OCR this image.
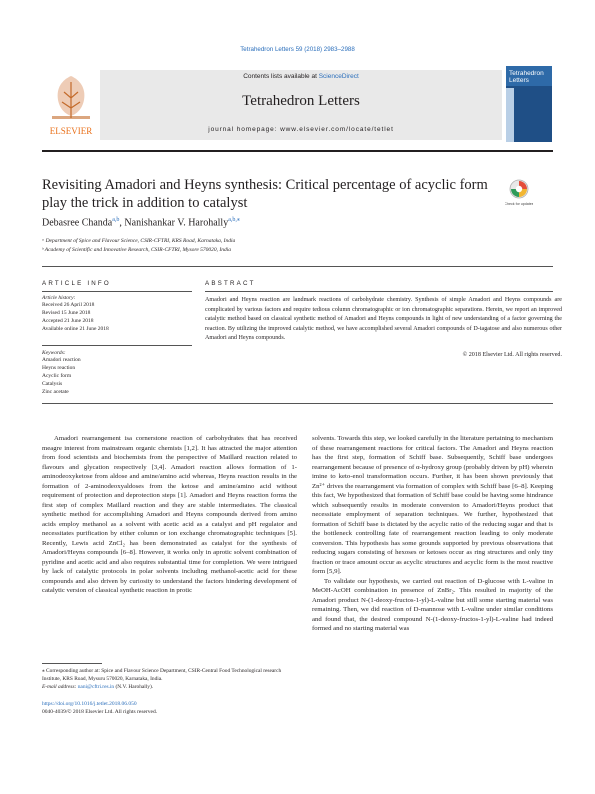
Tetrahedron Letters 59 (2018) 2983–2988
ELSEVIER
Contents lists available at ScienceDirect
Tetrahedron Letters
journal homepage: www.elsevier.com/locate/tetlet
Tetrahedron
Letters
Revisiting Amadori and Heyns synthesis: Critical percentage of acyclic form play the trick in addition to catalyst	Check for updates
Debasree Chanda$^{a,b}$, Nanishankar V. Harohally$^{a,b,⁎}$
ᵃ Department of Spice and Flavour Science, CSIR-CFTRI, KRS Road, Karnataka, India
ᵇ Academy of Scientific and Innovative Research, CSIR-CFTRI, Mysore 570020, India
ARTICLE INFO
Article history:
Received 26 April 2018
Revised 15 June 2018
Accepted 21 June 2018
Available online 21 June 2018
Keywords:
Amadori reaction
Heyns reaction
Acyclic form
Catalysis
Zinc acetate
ABSTRACT
Amadori and Heyns reaction are landmark reactions of carbohydrate chemistry. Synthesis of simple Amadori and Heyns compounds are complicated by various factors and require tedious column chromatographic or ion chromatographic separations. Herein, we report an improved catalytic method based on classical synthetic method of Amadori and Heyns compounds in light of new understanding of a factor governing the reaction. By utilizing the improved catalytic method, we have accomplished several Amadori compounds of D-tagatose and also numerous other Amadori and Heyns compounds.
© 2018 Elsevier Ltd. All rights reserved.

Amadori rearrangement isa cornerstone reaction of carbohydrates that has received meagre interest from mainstream organic chemists [1,2]. It has attracted the major attention from food scientists and biochemists from the perspective of Maillard reaction related to flavours and glycation respectively [3,4]. Amadori reaction allows formation of 1-aminodeoxyketose from aldose and amine/amino acid whereas, Heyns reaction results in the formation of 2-aminodeoxyaldoses from the ketose and amine/amino acid without requirement of protection and deprotection steps [1]. Amadori and Heyns reaction forms the first step of complex Maillard reaction and they are stable intermediates. The classical synthetic method for accomplishing Amadori and Heyns compounds derived from amino acids employ methanol as a solvent with acetic acid as a catalyst and pH regulator and necessitates purification by either column or ion exchange chromatographic techniques [5]. Recently, Lewis acid ZnCl₂ has been demonstrated as catalyst for the synthesis of Amadori/Heyns compounds [6–8]. However, it works only in aprotic solvent combination of pyridine and acetic acid and also requires substantial time for completion. We were intrigued by lack of catalytic protocols in polar solvents including methanol-acetic acid for these compounds and also driven by curiosity to understand the factors hindering development of catalytic version of classical synthetic reaction in protic

solvents. Towards this step, we looked carefully in the literature pertaining to mechanism of these rearrangement reactions for critical factors. The Amadori and Heyns reaction has the first step, formation of Schiff base. Subsequently, Schiff base undergoes rearrangement because of presence of α-hydroxy group (probably driven by pH) wherein imine to keto-enol transformation occurs. Further, it has been shown previously that Zn²⁺ drives the rearrangement via formation of complex with Schiff base [6–8]. Keeping this fact, We hypothesized that formation of Schiff base could be having some hindrance which subsequently results in moderate conversion to Amadori/Heyns product that necessitate employment of separation techniques. We further, hypothesized that formation of Schiff base is dictated by the acyclic ratio of the reducing sugar and that is the bottleneck controlling fate of rearrangement reaction leading to only moderate conversion. This hypothesis has some grounds supported by previous observations that reducing sugars consisting of hexoses or ketoses occur as ring structures and only tiny fraction or trace amount occur as acyclic structures and acyclic form is the most reactive form [5,9].

To validate our hypothesis, we carried out reaction of D-glucose with L-valine in MeOH-AcOH combination in presence of ZnBr₂. This resulted in majority of the Amadori product N-(1-deoxy-fructos-1-yl)-L-valine but still some starting material was remaining. Then, we did reaction of D-mannose with L-valine under similar conditions and found that, the desired compound N-(1-deoxy-fructos-1-yl)-L-valine had indeed formed and no starting material was

⁎ Corresponding author at: Spice and Flavour Science Department, CSIR-Central Food Technological research Institute, KRS Road, Mysuru 570020, Karnataka, India.
E-mail address: nani@cftri.res.in (N.V. Harohally).
https://doi.org/10.1016/j.tetlet.2018.06.050
0040-4039/© 2018 Elsevier Ltd. All rights reserved.
